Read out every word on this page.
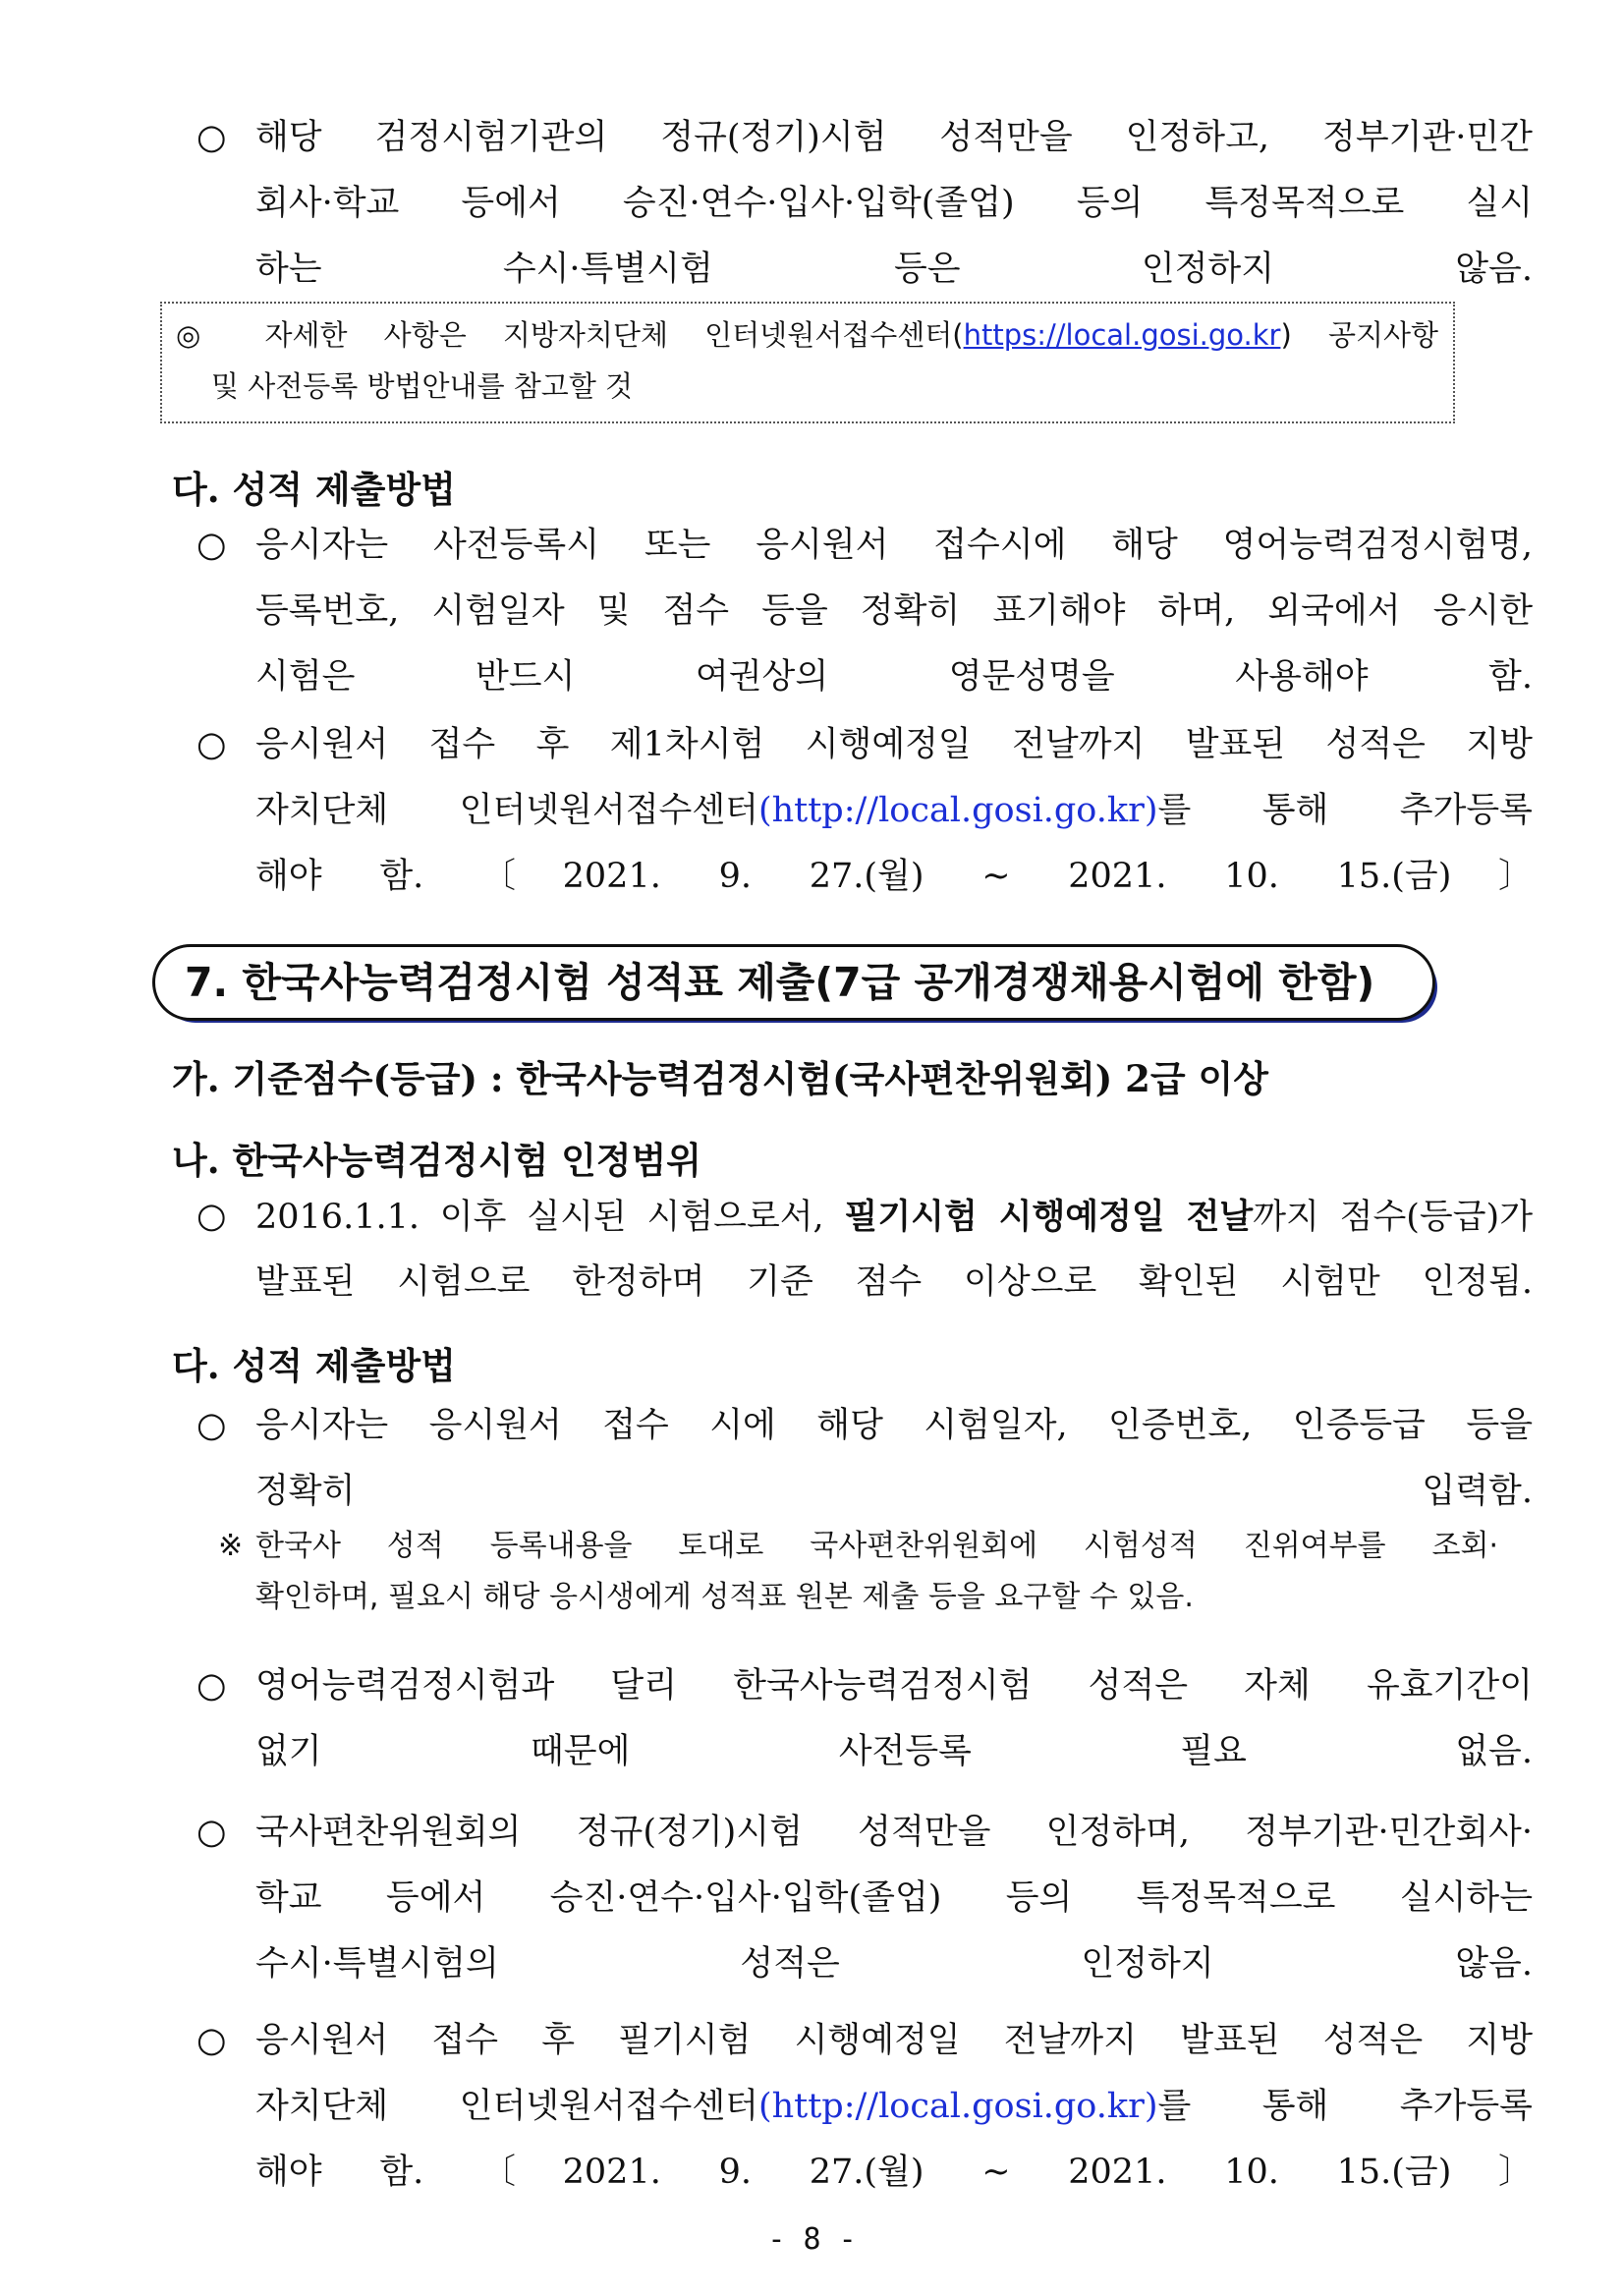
○ 해당 검정시험기관의 정규(정기)시험 성적만을 인정하고, 정부기관·민간
회사·학교 등에서 승진·연수·입사·입학(졸업) 등의 특정목적으로 실시
하는 수시·특별시험 등은 인정하지 않음.
◎ 자세한 사항은 지방자치단체 인터넷원서접수센터(https://local.gosi.go.kr) 공지사항
및 사전등록 방법안내를 참고할 것
다. 성적 제출방법
○ 응시자는 사전등록시 또는 응시원서 접수시에 해당 영어능력검정시험명,
등록번호, 시험일자 및 점수 등을 정확히 표기해야 하며, 외국에서 응시한
시험은 반드시 여권상의 영문성명을 사용해야 함.
○ 응시원서 접수 후 제1차시험 시행예정일 전날까지 발표된 성적은 지방
자치단체 인터넷원서접수센터(http://local.gosi.go.kr)를 통해 추가등록
해야 함. 〔2021. 9. 27.(월) ~ 2021. 10. 15.(금)〕
7. 한국사능력검정시험 성적표 제출(7급 공개경쟁채용시험에 한함)
가. 기준점수(등급) : 한국사능력검정시험(국사편찬위원회) 2급 이상
나. 한국사능력검정시험 인정범위
○ 2016.1.1. 이후 실시된 시험으로서, 필기시험 시행예정일 전날까지 점수(등급)가
발표된 시험으로 한정하며 기준 점수 이상으로 확인된 시험만 인정됨.
다. 성적 제출방법
○ 응시자는 응시원서 접수 시에 해당 시험일자, 인증번호, 인증등급 등을
정확히 입력함.
※ 한국사 성적 등록내용을 토대로 국사편찬위원회에 시험성적 진위여부를 조회·
확인하며, 필요시 해당 응시생에게 성적표 원본 제출 등을 요구할 수 있음.
○ 영어능력검정시험과 달리 한국사능력검정시험 성적은 자체 유효기간이
없기 때문에 사전등록 필요 없음.
○ 국사편찬위원회의 정규(정기)시험 성적만을 인정하며, 정부기관·민간회사·
학교 등에서 승진·연수·입사·입학(졸업) 등의 특정목적으로 실시하는
수시·특별시험의 성적은 인정하지 않음.
○ 응시원서 접수 후 필기시험 시행예정일 전날까지 발표된 성적은 지방
자치단체 인터넷원서접수센터(http://local.gosi.go.kr)를 통해 추가등록
해야 함. 〔2021. 9. 27.(월) ~ 2021. 10. 15.(금)〕
- 8 -
